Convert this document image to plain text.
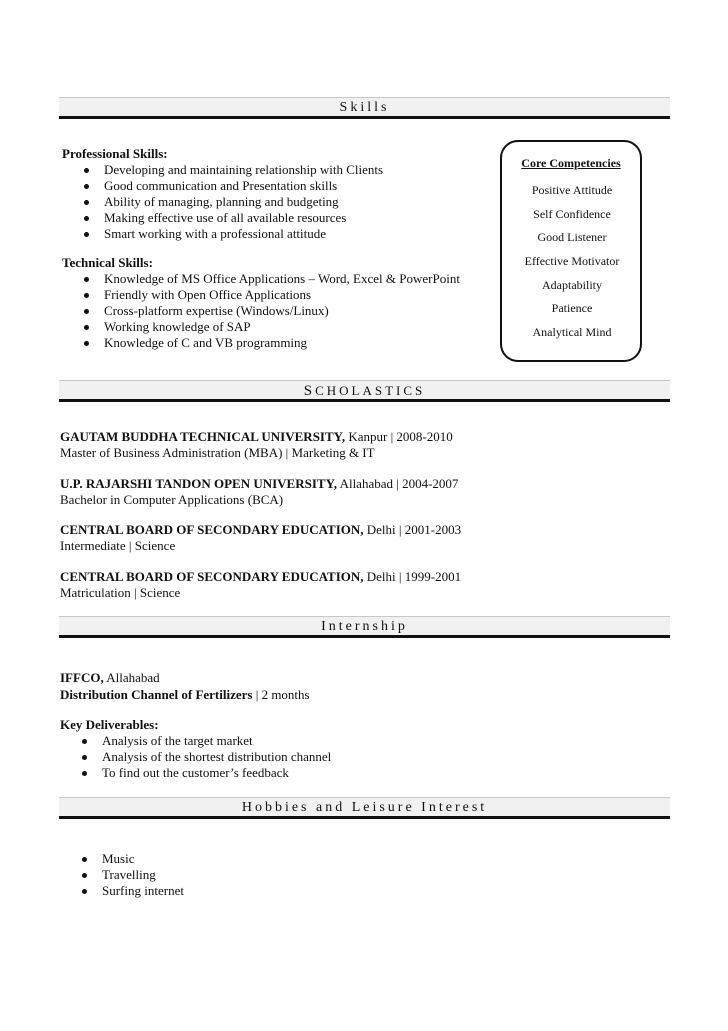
Skills
Professional Skills:
Developing and maintaining relationship with Clients
Good communication and Presentation skills
Ability of managing, planning and budgeting
Making effective use of all available resources
Smart working with a professional attitude
Technical Skills:
Knowledge of MS Office Applications – Word, Excel & PowerPoint
Friendly with Open Office Applications
Cross-platform expertise (Windows/Linux)
Working knowledge of SAP
Knowledge of C and VB programming
Core Competencies
Positive Attitude
Self Confidence
Good Listener
Effective Motivator
Adaptability
Patience
Analytical Mind
SCHOLASTICS
GAUTAM BUDDHA TECHNICAL UNIVERSITY, Kanpur | 2008-2010
Master of Business Administration (MBA) | Marketing & IT
U.P. RAJARSHI TANDON OPEN UNIVERSITY, Allahabad | 2004-2007
Bachelor in Computer Applications (BCA)
CENTRAL BOARD OF SECONDARY EDUCATION, Delhi | 2001-2003
Intermediate | Science
CENTRAL BOARD OF SECONDARY EDUCATION, Delhi | 1999-2001
Matriculation | Science
Internship
IFFCO, Allahabad
Distribution Channel of Fertilizers | 2 months
Key Deliverables:
Analysis of the target market
Analysis of the shortest distribution channel
To find out the customer’s feedback
Hobbies and Leisure Interest
Music
Travelling
Surfing internet
